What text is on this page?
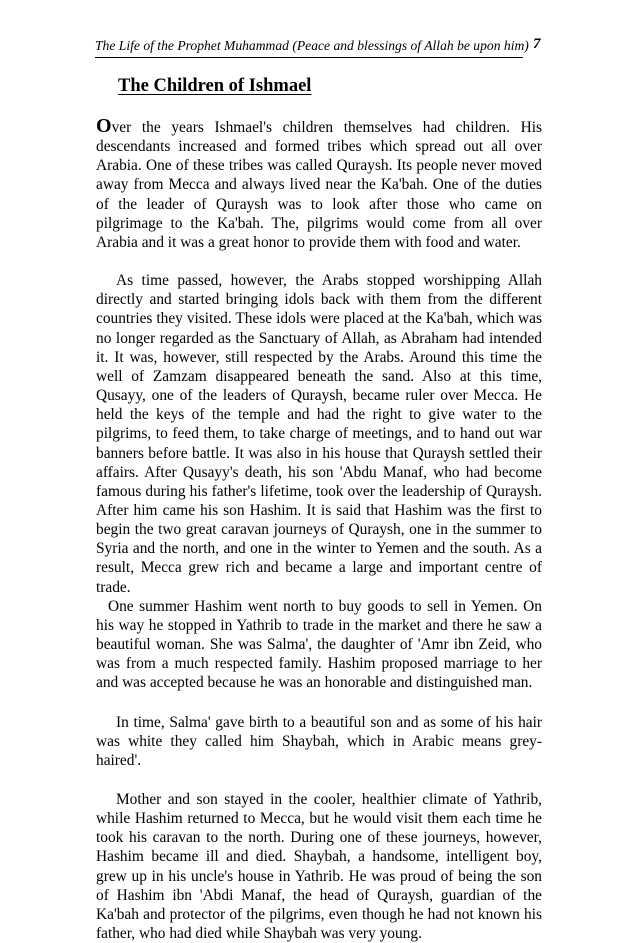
The Life of the Prophet Muhammad (Peace and blessings of Allah be upon him) 7
The Children of Ishmael

Over the years Ishmael's children themselves had children. His descendants increased and formed tribes which spread out all over Arabia. One of these tribes was called Quraysh. Its people never moved away from Mecca and always lived near the Ka'bah. One of the duties of the leader of Quraysh was to look after those who came on pilgrimage to the Ka'bah. The, pilgrims would come from all over Arabia and it was a great honor to provide them with food and water.

As time passed, however, the Arabs stopped worshipping Allah directly and started bringing idols back with them from the different countries they visited. These idols were placed at the Ka'bah, which was no longer regarded as the Sanctuary of Allah, as Abraham had intended it. It was, however, still respected by the Arabs. Around this time the well of Zamzam disappeared beneath the sand. Also at this time, Qusayy, one of the leaders of Quraysh, became ruler over Mecca. He held the keys of the temple and had the right to give water to the pilgrims, to feed them, to take charge of meetings, and to hand out war banners before battle. It was also in his house that Quraysh settled their affairs. After Qusayy's death, his son 'Abdu Manaf, who had become famous during his father's lifetime, took over the leadership of Quraysh. After him came his son Hashim. It is said that Hashim was the first to begin the two great caravan journeys of Quraysh, one in the summer to Syria and the north, and one in the winter to Yemen and the south. As a result, Mecca grew rich and became a large and important centre of trade.

One summer Hashim went north to buy goods to sell in Yemen. On his way he stopped in Yathrib to trade in the market and there he saw a beautiful woman. She was Salma', the daughter of 'Amr ibn Zeid, who was from a much respected family. Hashim proposed marriage to her and was accepted because he was an honorable and distinguished man.

In time, Salma' gave birth to a beautiful son and as some of his hair was white they called him Shaybah, which in Arabic means grey-haired'.

Mother and son stayed in the cooler, healthier climate of Yathrib, while Hashim returned to Mecca, but he would visit them each time he took his caravan to the north. During one of these journeys, however, Hashim became ill and died. Shaybah, a handsome, intelligent boy, grew up in his uncle's house in Yathrib. He was proud of being the son of Hashim ibn 'Abdi Manaf, the head of Quraysh, guardian of the Ka'bah and protector of the pilgrims, even though he had not known his father, who had died while Shaybah was very young.
